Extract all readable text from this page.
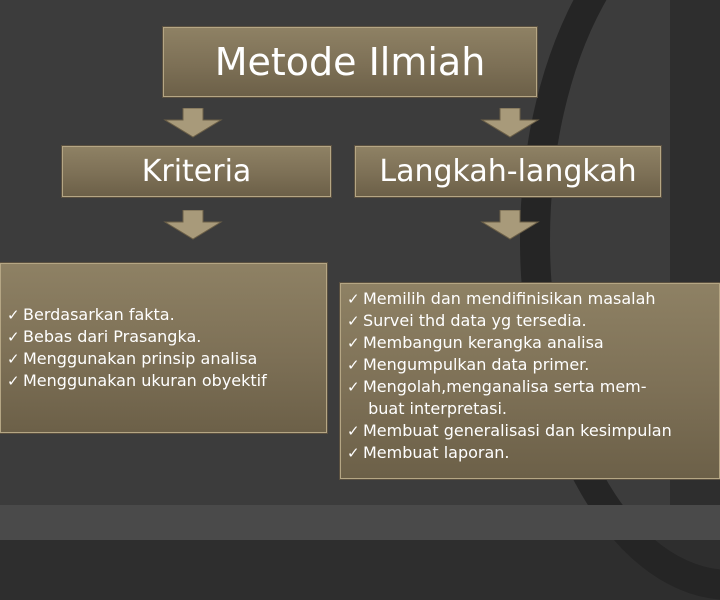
Metode Ilmiah
Kriteria	Langkah-langkah
✓ Berdasarkan fakta.
✓ Bebas dari Prasangka.
✓ Menggunakan prinsip analisa
✓ Menggunakan ukuran obyektif
✓ Memilih dan mendifinisikan masalah
✓ Survei thd data yg tersedia.
✓ Membangun kerangka analisa
✓ Mengumpulkan data primer.
✓ Mengolah,menganalisa serta mem-
buat interpretasi.
✓ Membuat generalisasi dan kesimpulan
✓ Membuat laporan.
